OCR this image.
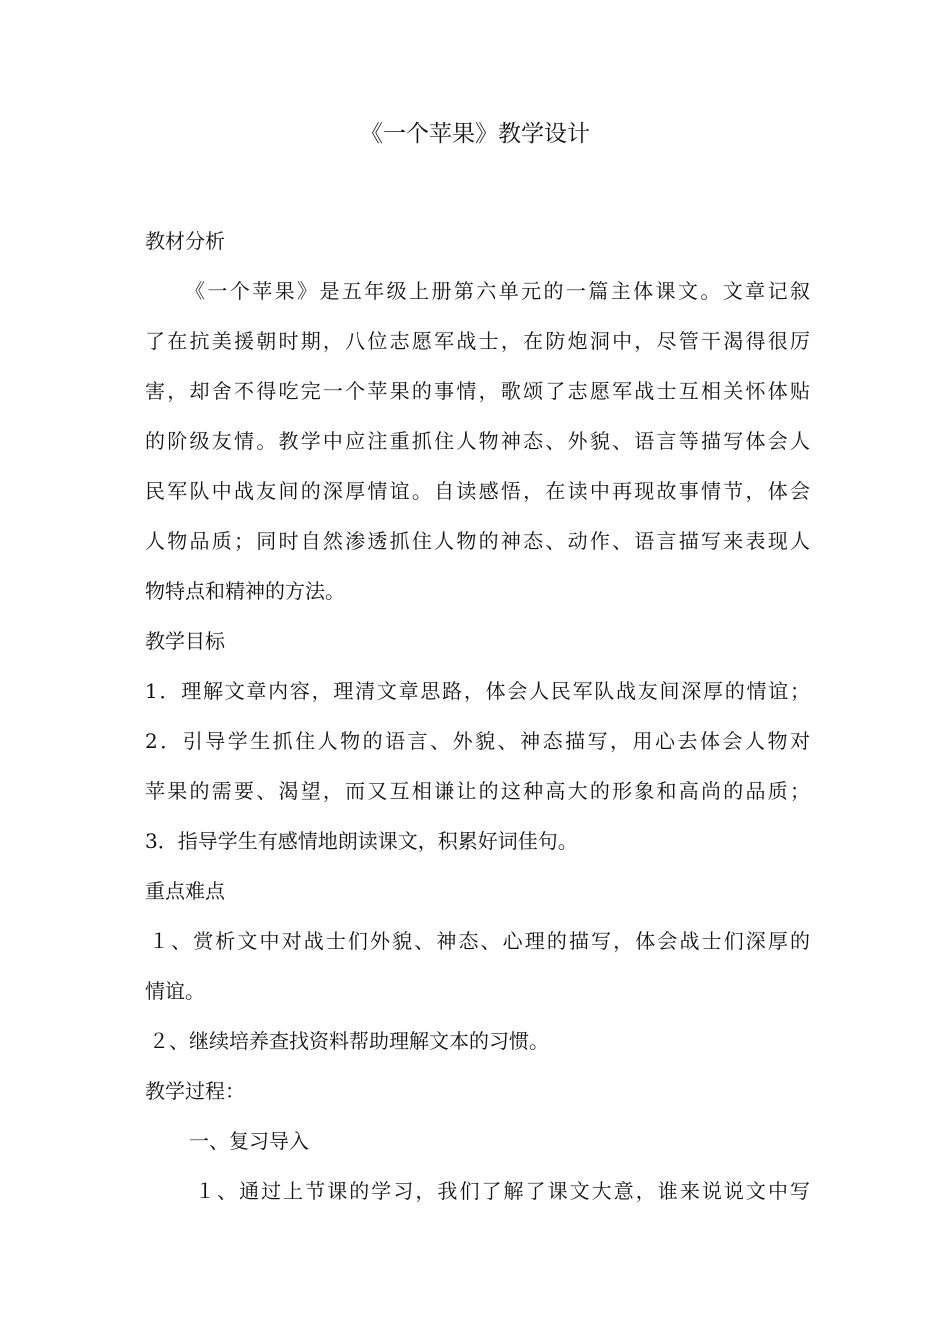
《一个苹果》教学设计
教材分析
《一个苹果》是五年级上册第六单元的一篇主体课文。文章记叙
了在抗美援朝时期，八位志愿军战士，在防炮洞中，尽管干渴得很厉
害，却舍不得吃完一个苹果的事情，歌颂了志愿军战士互相关怀体贴
的阶级友情。教学中应注重抓住人物神态、外貌、语言等描写体会人
民军队中战友间的深厚情谊。自读感悟，在读中再现故事情节，体会
人物品质；同时自然渗透抓住人物的神态、动作、语言描写来表现人
物特点和精神的方法。
教学目标
1．理解文章内容，理清文章思路，体会人民军队战友间深厚的情谊；
2．引导学生抓住人物的语言、外貌、神态描写，用心去体会人物对
苹果的需要、渴望，而又互相谦让的这种高大的形象和高尚的品质；
3．指导学生有感情地朗读课文，积累好词佳句。
重点难点
１、赏析文中对战士们外貌、神态、心理的描写，体会战士们深厚的
情谊。
２、继续培养查找资料帮助理解文本的习惯。
教学过程：
一、复习导入
１、通过上节课的学习，我们了解了课文大意，谁来说说文中写
